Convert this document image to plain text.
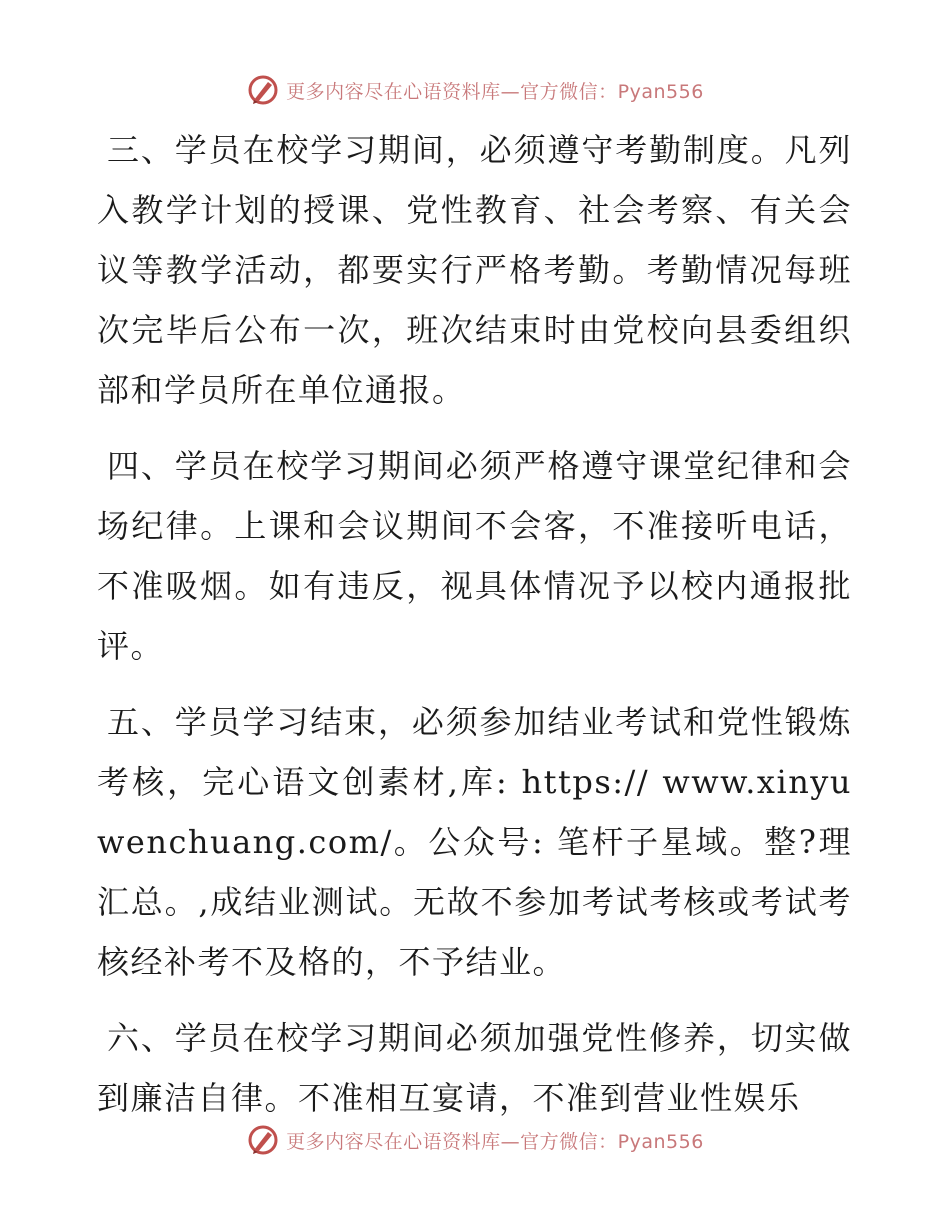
更多内容尽在心语资料库—官方微信：Pyan556

三、学员在校学习期间，必须遵守考勤制度。凡列入教学计划的授课、党性教育、社会考察、有关会议等教学活动，都要实行严格考勤。考勤情况每班次完毕后公布一次，班次结束时由党校向县委组织部和学员所在单位通报。

四、学员在校学习期间必须严格遵守课堂纪律和会场纪律。上课和会议期间不会客，不准接听电话，不准吸烟。如有违反，视具体情况予以校内通报批评。

五、学员学习结束，必须参加结业考试和党性锻炼考核，完心语文创素材,库: https:// www.xinyuwenchuang.com/。公众号: 笔杆子星域。整?理汇总。,成结业测试。无故不参加考试考核或考试考核经补考不及格的，不予结业。

六、学员在校学习期间必须加强党性修养，切实做到廉洁自律。不准相互宴请，不准到营业性娱乐

更多内容尽在心语资料库—官方微信：Pyan556
